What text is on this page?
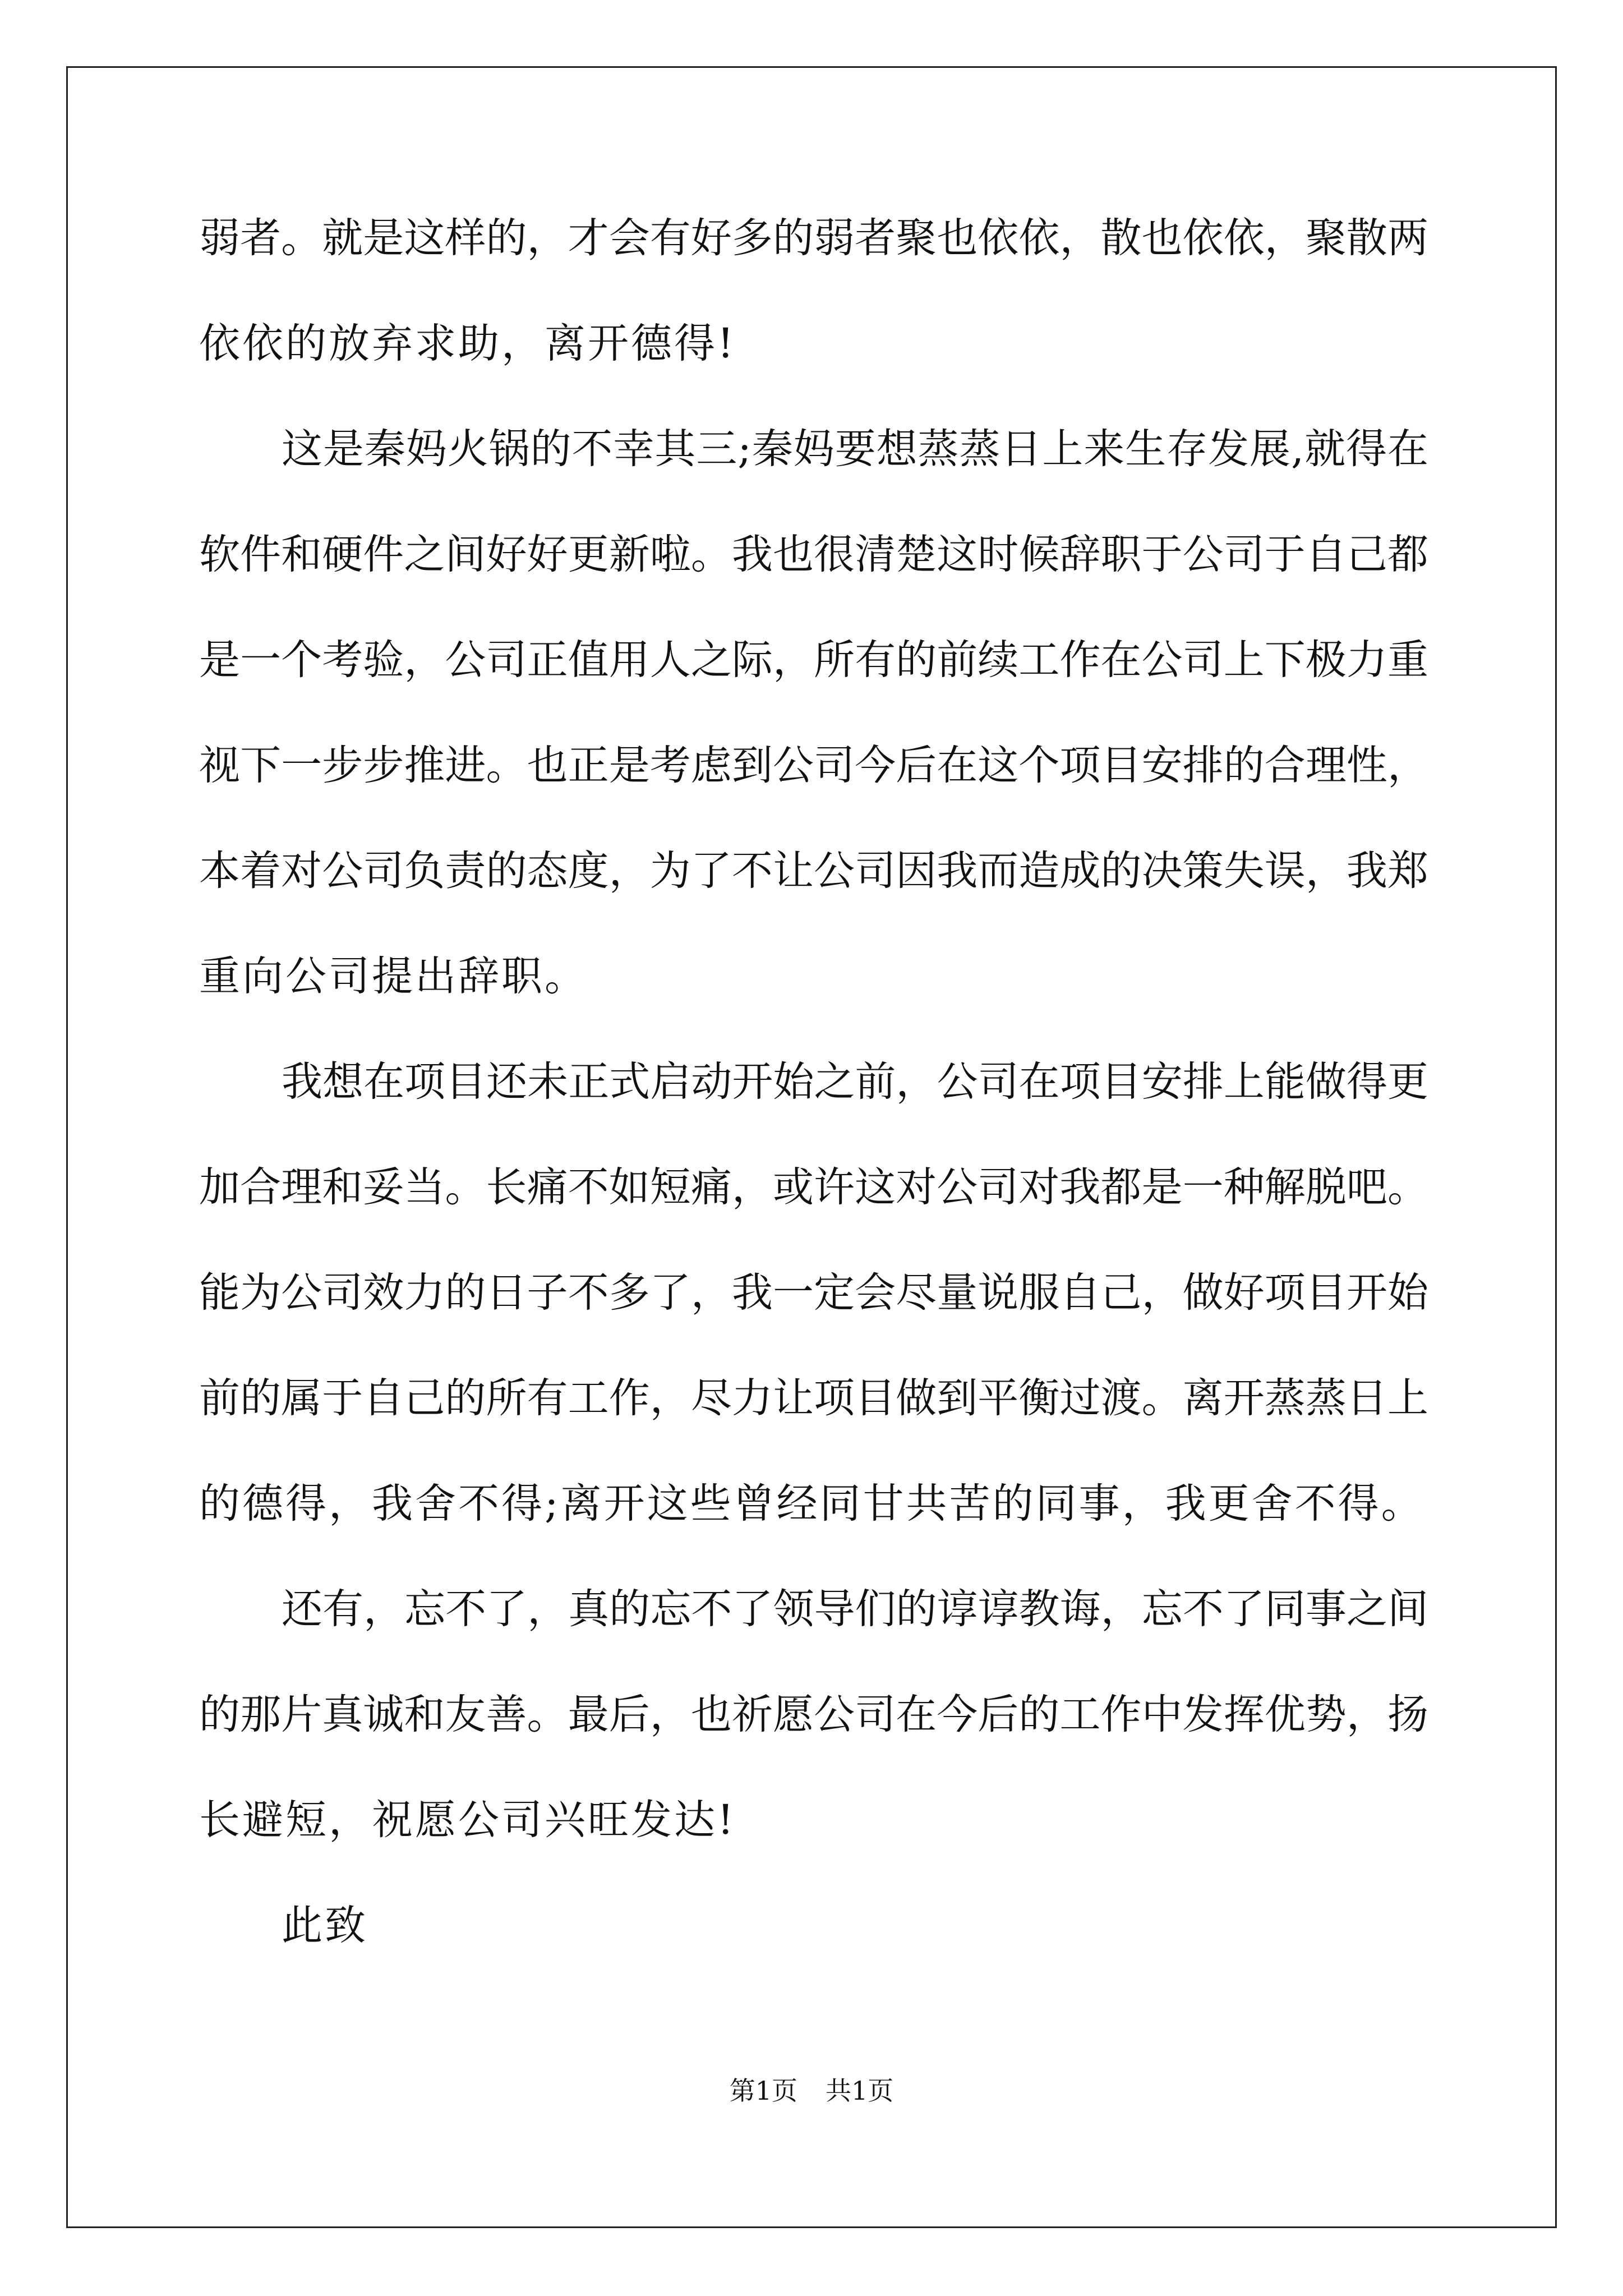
弱者。就是这样的，才会有好多的弱者聚也依依，散也依依，聚散两
依依的放弃求助，离开德得!
这是秦妈火锅的不幸其三;秦妈要想蒸蒸日上来生存发展,就得在
软件和硬件之间好好更新啦。我也很清楚这时候辞职于公司于自己都
是一个考验，公司正值用人之际，所有的前续工作在公司上下极力重
视下一步步推进。也正是考虑到公司今后在这个项目安排的合理性，
本着对公司负责的态度，为了不让公司因我而造成的决策失误，我郑
重向公司提出辞职。
我想在项目还未正式启动开始之前，公司在项目安排上能做得更
加合理和妥当。长痛不如短痛，或许这对公司对我都是一种解脱吧。
能为公司效力的日子不多了，我一定会尽量说服自己，做好项目开始
前的属于自己的所有工作，尽力让项目做到平衡过渡。离开蒸蒸日上
的德得，我舍不得;离开这些曾经同甘共苦的同事，我更舍不得。
还有，忘不了，真的忘不了领导们的谆谆教诲，忘不了同事之间
的那片真诚和友善。最后，也祈愿公司在今后的工作中发挥优势，扬
长避短，祝愿公司兴旺发达!
此致
第1页 共1页
